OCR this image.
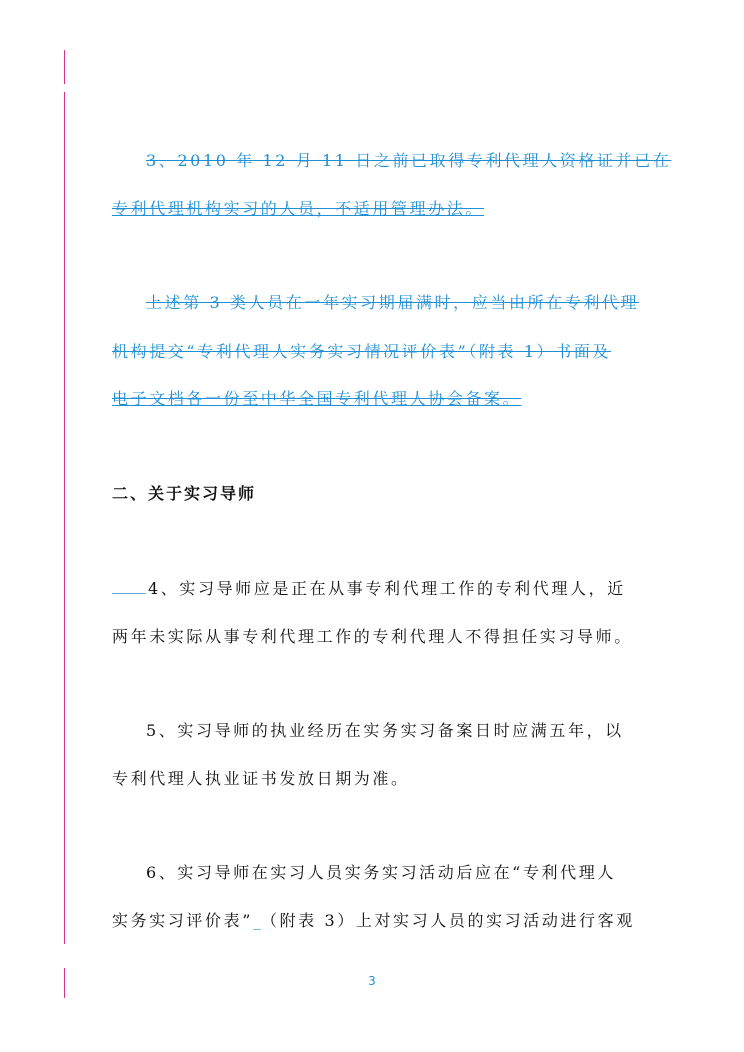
3、2010 年 12 月 11 日之前已取得专利代理人资格证并已在
专利代理机构实习的人员，不适用管理办法。
上述第 3 类人员在一年实习期届满时，应当由所在专利代理
机构提交“专利代理人实务实习情况评价表”（附表 1）书面及
电子文档各一份至中华全国专利代理人协会备案。
二、关于实习导师
4、实习导师应是正在从事专利代理工作的专利代理人，近
两年未实际从事专利代理工作的专利代理人不得担任实习导师。
5、实习导师的执业经历在实务实习备案日时应满五年，以
专利代理人执业证书发放日期为准。
6、实习导师在实习人员实务实习活动后应在“专利代理人
实务实习评价表”_（附表 3）上对实习人员的实习活动进行客观
3
